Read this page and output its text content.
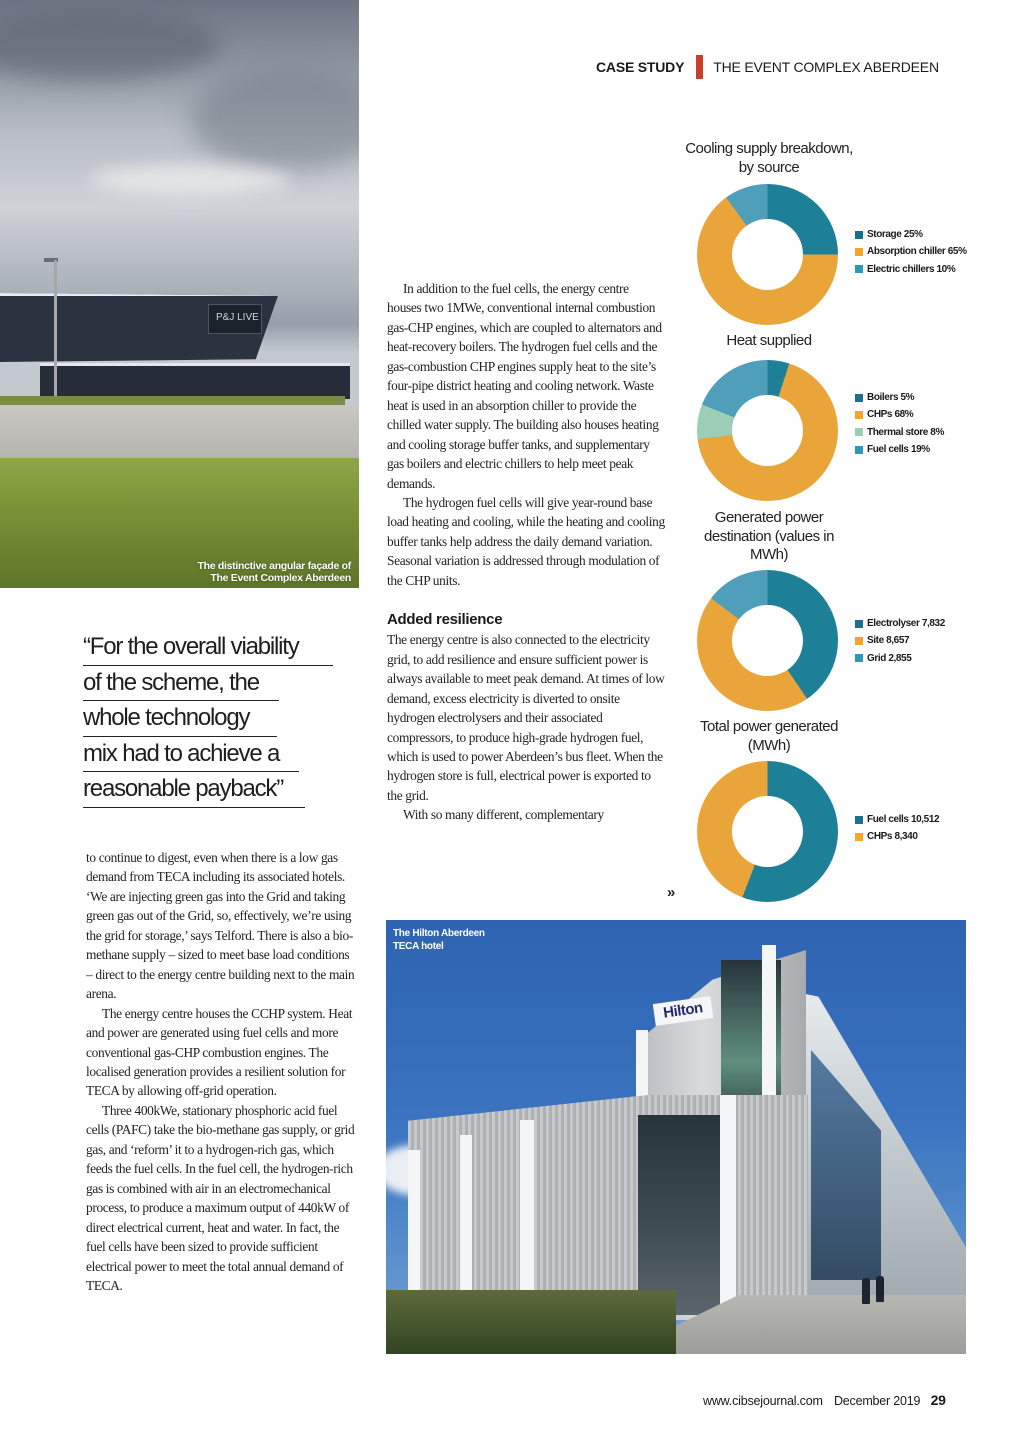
CASE STUDY THE EVENT COMPLEX ABERDEEN
P&J LIVE
The distinctive angular façade of
The Event Complex Aberdeen
“For the overall viability
of the scheme, the
whole technology
mix had to achieve a
reasonable payback”

to continue to digest, even when there is a low gas demand from TECA including its associated hotels. ‘We are injecting green gas into the Grid and taking green gas out of the Grid, so, effectively, we’re using the grid for storage,’ says Telford. There is also a bio-methane supply – sized to meet base load conditions – direct to the energy centre building next to the main arena.

The energy centre houses the CCHP system. Heat and power are generated using fuel cells and more conventional gas-CHP combustion engines. The localised generation provides a resilient solution for TECA by allowing off-grid operation.

Three 400kWe, stationary phosphoric acid fuel cells (PAFC) take the bio-methane gas supply, or grid gas, and ‘reform’ it to a hydrogen-rich gas, which feeds the fuel cells. In the fuel cell, the hydrogen-rich gas is combined with air in an electromechanical process, to produce a maximum output of 440kW of direct electrical current, heat and water. In fact, the fuel cells have been sized to provide sufficient electrical power to meet the total annual demand of TECA.

In addition to the fuel cells, the energy centre houses two 1MWe, conventional internal combustion gas-CHP engines, which are coupled to alternators and heat-recovery boilers. The hydrogen fuel cells and the gas-combustion CHP engines supply heat to the site’s four-pipe district heating and cooling network. Waste heat is used in an absorption chiller to provide the chilled water supply. The building also houses heating and cooling storage buffer tanks, and supplementary gas boilers and electric chillers to help meet peak demands.

The hydrogen fuel cells will give year-round base load heating and cooling, while the heating and cooling buffer tanks help address the daily demand variation. Seasonal variation is addressed through modulation of the CHP units.

Added resilience

The energy centre is also connected to the electricity grid, to add resilience and ensure sufficient power is always available to meet peak demand. At times of low demand, excess electricity is diverted to onsite hydrogen electrolysers and their associated compressors, to produce high-grade hydrogen fuel, which is used to power Aberdeen’s bus fleet. When the hydrogen store is full, electrical power is exported to the grid.

With so many different, complementary

»
Cooling supply breakdown, by source
Storage 25%
Absorption chiller 65%
Electric chillers 10%
Heat supplied
Boilers 5%
CHPs 68%
Thermal store 8%
Fuel cells 19%
Generated power destination (values in MWh)
Electrolyser 7,832
Site 8,657
Grid 2,855
Total power generated (MWh)
Fuel cells 10,512
CHPs 8,340
Hilton
The Hilton Aberdeen
TECA hotel
www.cibsejournal.com December 2019 29
